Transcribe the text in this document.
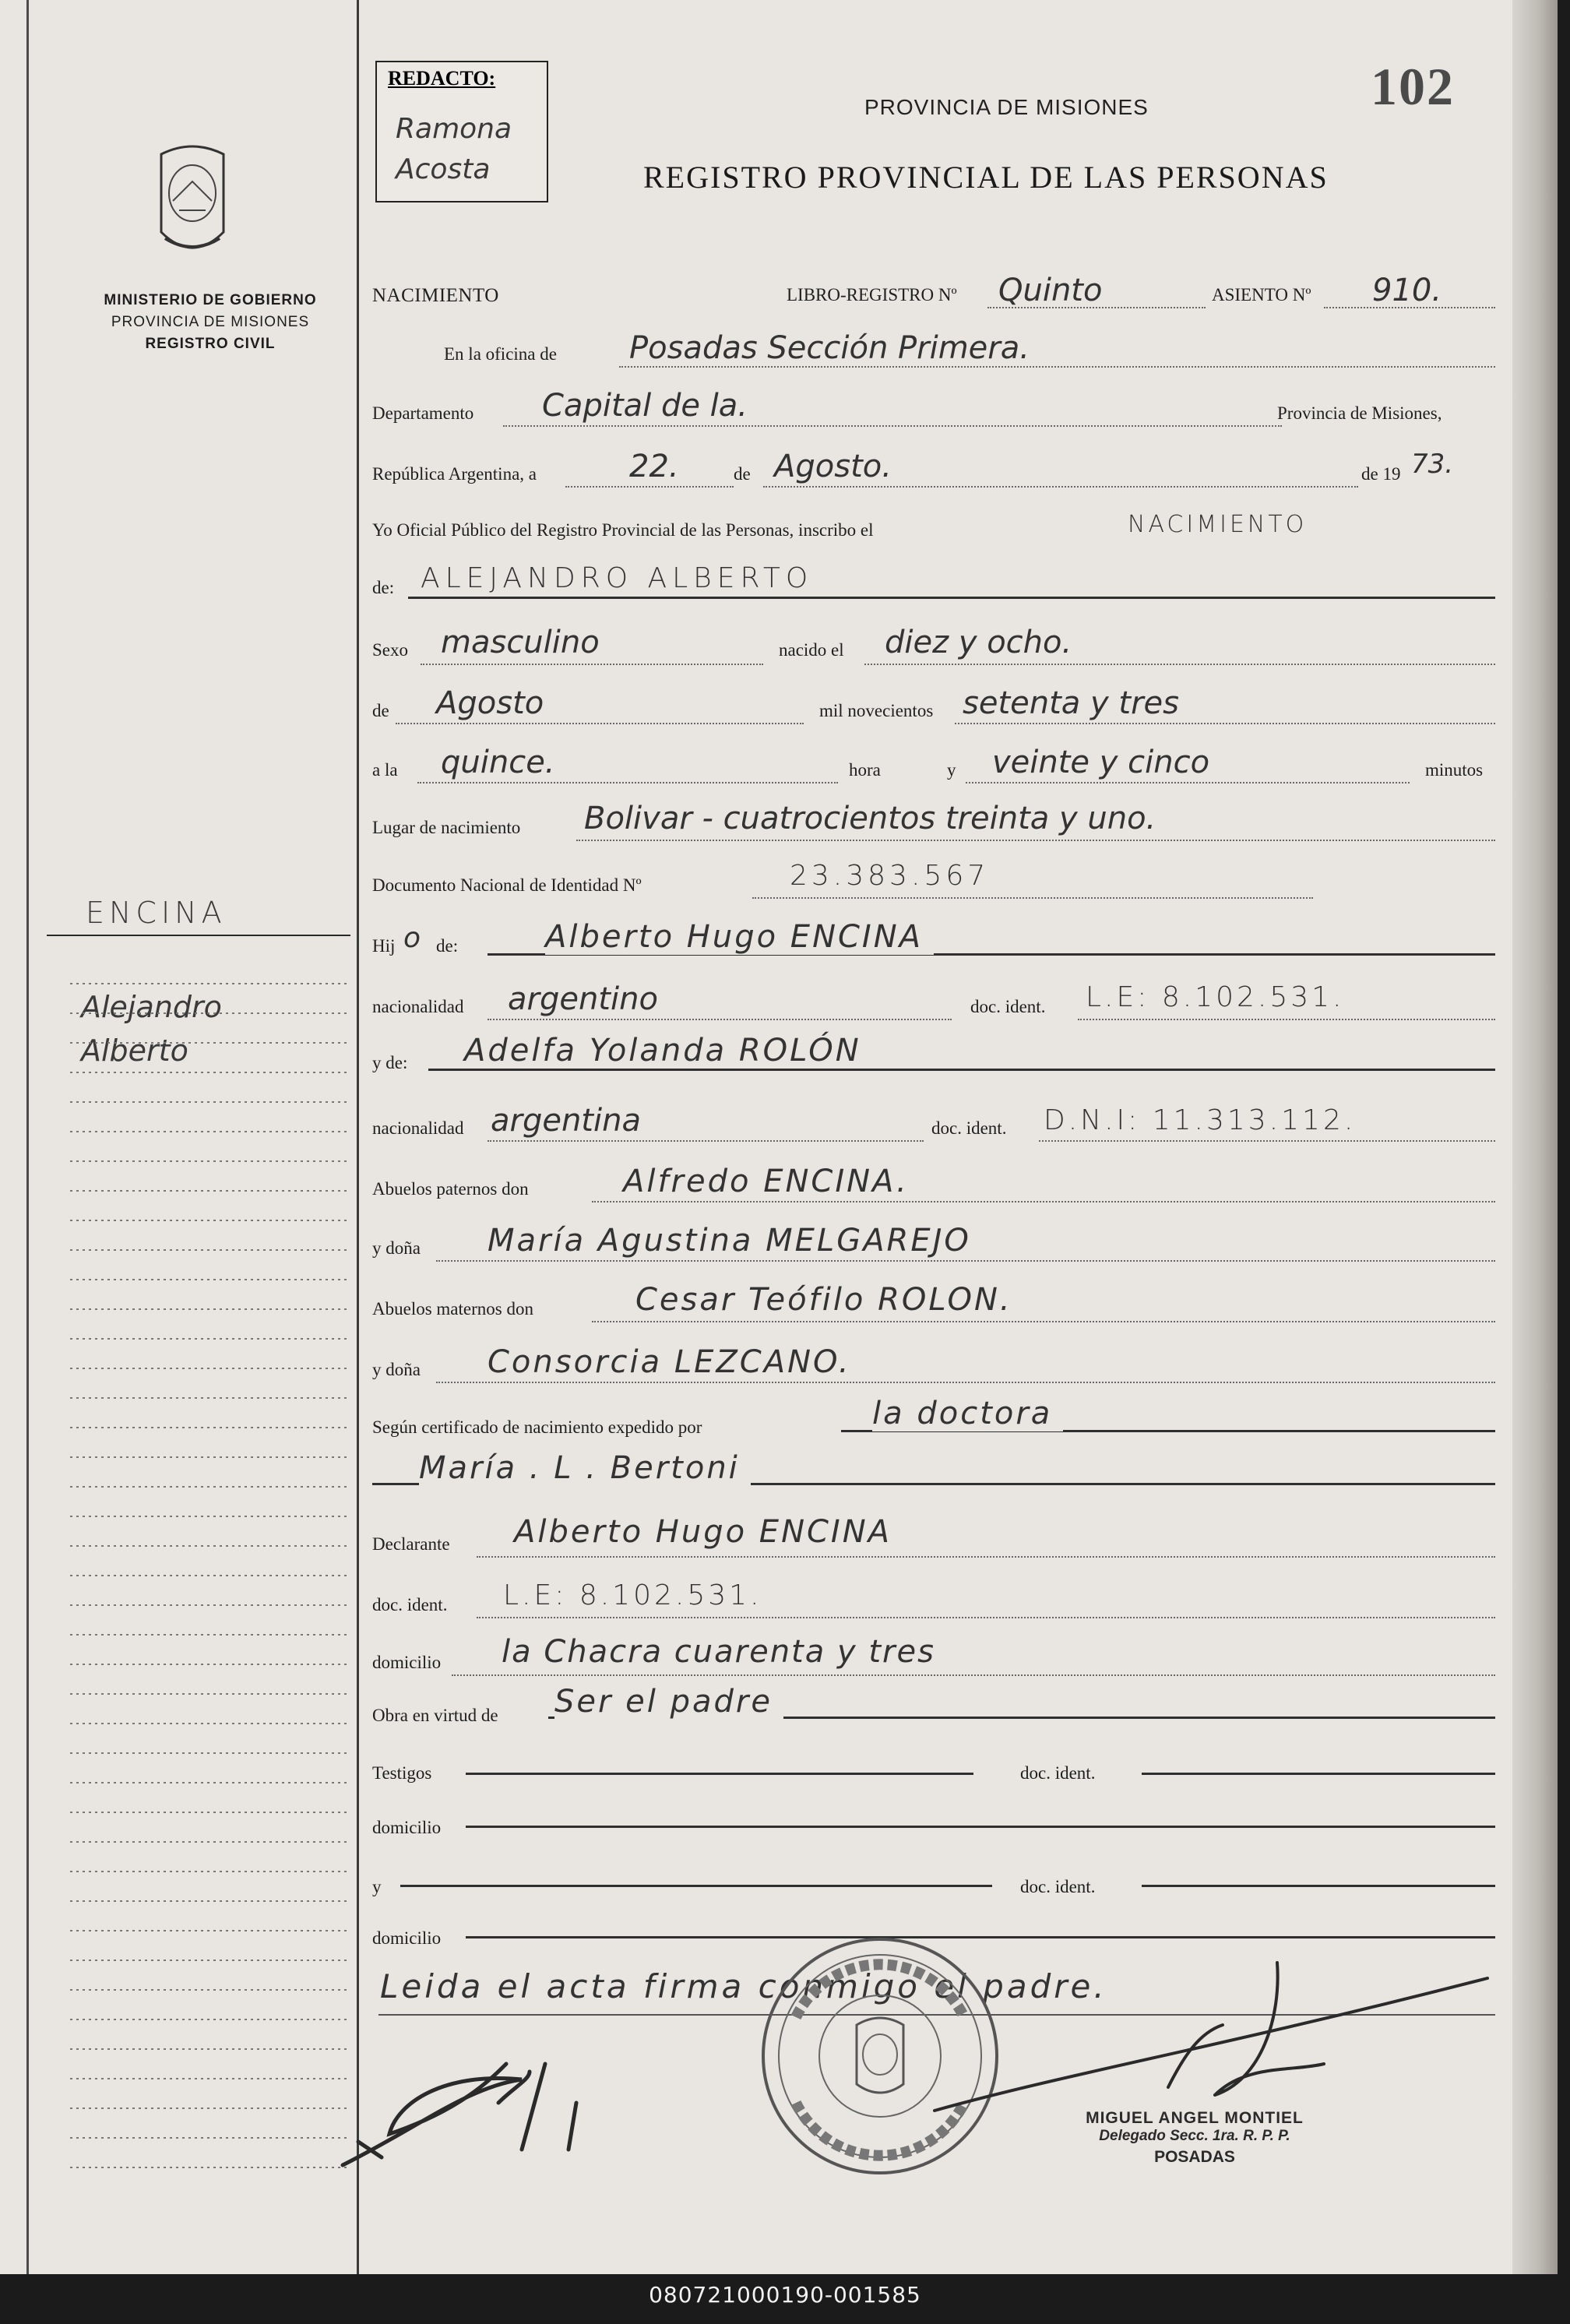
MINISTERIO DE GOBIERNO
PROVINCIA DE MISIONES
REGISTRO CIVIL
ENCINA
Alejandro
Alberto
REDACTO:
Ramona
Acosta
102
PROVINCIA DE MISIONES
REGISTRO PROVINCIAL DE LAS PERSONAS
NACIMIENTO	LIBRO-REGISTRO Nº Quinto	ASIENTO Nº 910.
En la oficina de Posadas Sección Primera.
Departamento Capital de la.	Provincia de Misiones,
República Argentina, a	22.	de Agosto.	de 19 73.
Yo Oficial Público del Registro Provincial de las Personas, inscribo el	NACIMIENTO
de: ALEJANDRO ALBERTO
Sexo masculino	nacido el diez y ocho.
de Agosto	mil novecientos setenta y tres
a la quince.	hora	y veinte y cinco	minutos
Lugar de nacimiento Bolivar - cuatrocientos treinta y uno.
Documento Nacional de Identidad Nº	23.383.567
Hij o de:	Alberto Hugo ENCINA
nacionalidad argentino	doc. ident. L.E: 8.102.531.
y de: Adelfa Yolanda ROLÓN
nacionalidad argentina	doc. ident. D.N.I: 11.313.112.
Abuelos paternos don	Alfredo ENCINA.
y doña María Agustina MELGAREJO
Abuelos maternos don	Cesar Teófilo ROLON.
y doña Consorcia LEZCANO.
Según certificado de nacimiento expedido por	la doctora
María . L . Bertoni
Declarante Alberto Hugo ENCINA
doc. ident. L.E: 8.102.531.
domicilio la Chacra cuarenta y tres
Obra en virtud de Ser el padre
Testigos	doc. ident.
domicilio
y	doc. ident.
domicilio
Leida el acta firma conmigo el padre.
MIGUEL ANGEL MONTIEL
Delegado Secc. 1ra. R. P. P.
POSADAS
080721000190-001585
